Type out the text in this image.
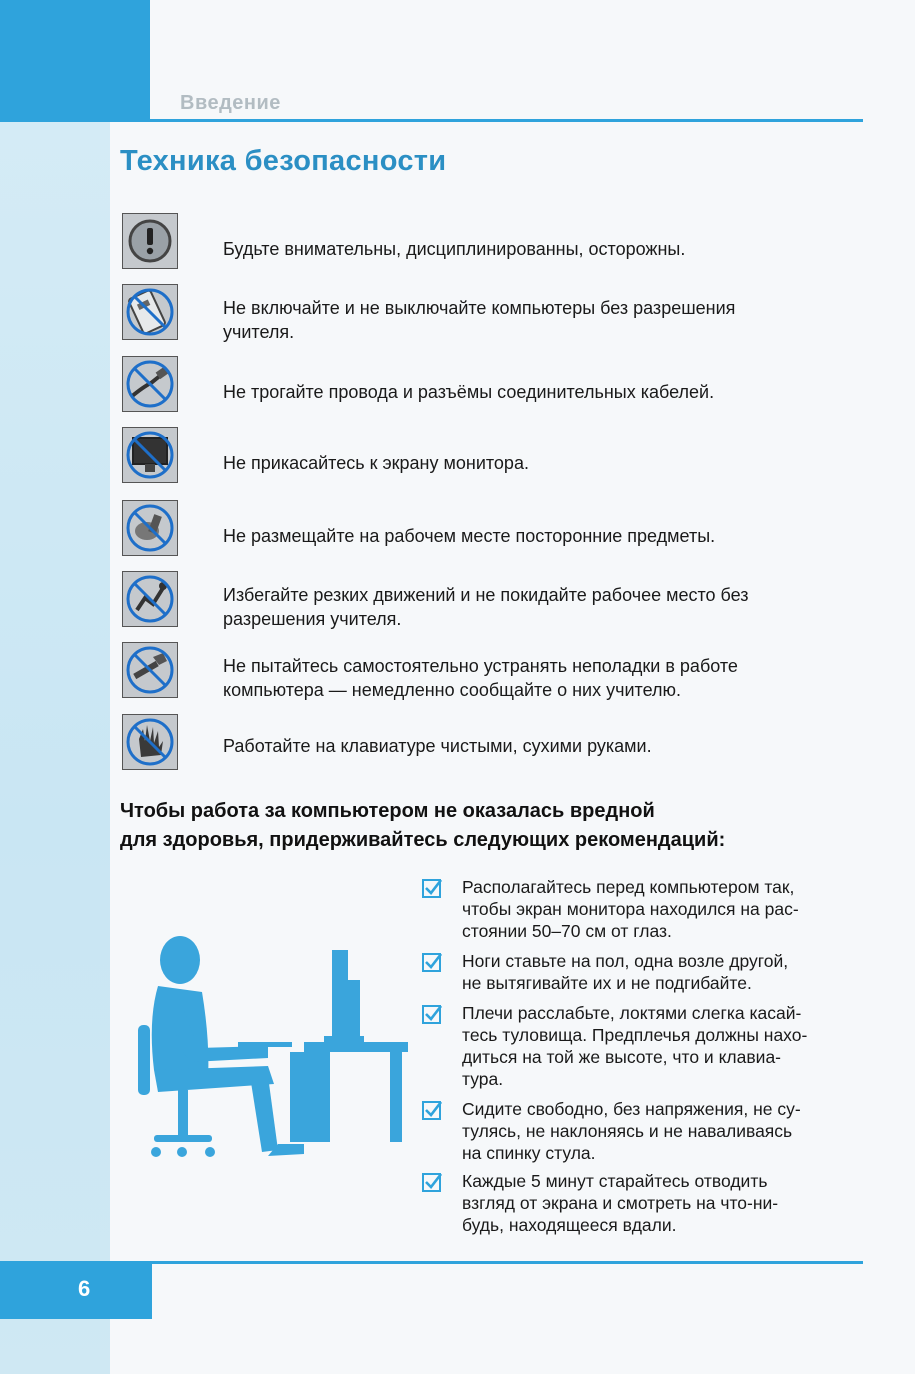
Введение
Техника безопасности
Будьте внимательны, дисциплинированны, осторожны.
Не включайте и не выключайте компьютеры без разрешения
учителя.
Не трогайте провода и разъёмы соединительных кабелей.
Не прикасайтесь к экрану монитора.
Не размещайте на рабочем месте посторонние предметы.
Избегайте резких движений и не покидайте рабочее место без
разрешения учителя.
Не пытайтесь самостоятельно устранять неполадки в работе
компьютера — немедленно сообщайте о них учителю.
Работайте на клавиатуре чистыми, сухими руками.
Чтобы работа за компьютером не оказалась вредной
для здоровья, придерживайтесь следующих рекомендаций:
Располагайтесь перед компьютером так,
чтобы экран монитора находился на рас-
стоянии 50–70 см от глаз.
Ноги ставьте на пол, одна возле другой,
не вытягивайте их и не подгибайте.
Плечи расслабьте, локтями слегка касай-
тесь туловища. Предплечья должны нахо-
диться на той же высоте, что и клавиа-
тура.
Сидите свободно, без напряжения, не су-
тулясь, не наклоняясь и не наваливаясь
на спинку стула.
Каждые 5 минут старайтесь отводить
взгляд от экрана и смотреть на что-ни-
будь, находящееся вдали.
6
